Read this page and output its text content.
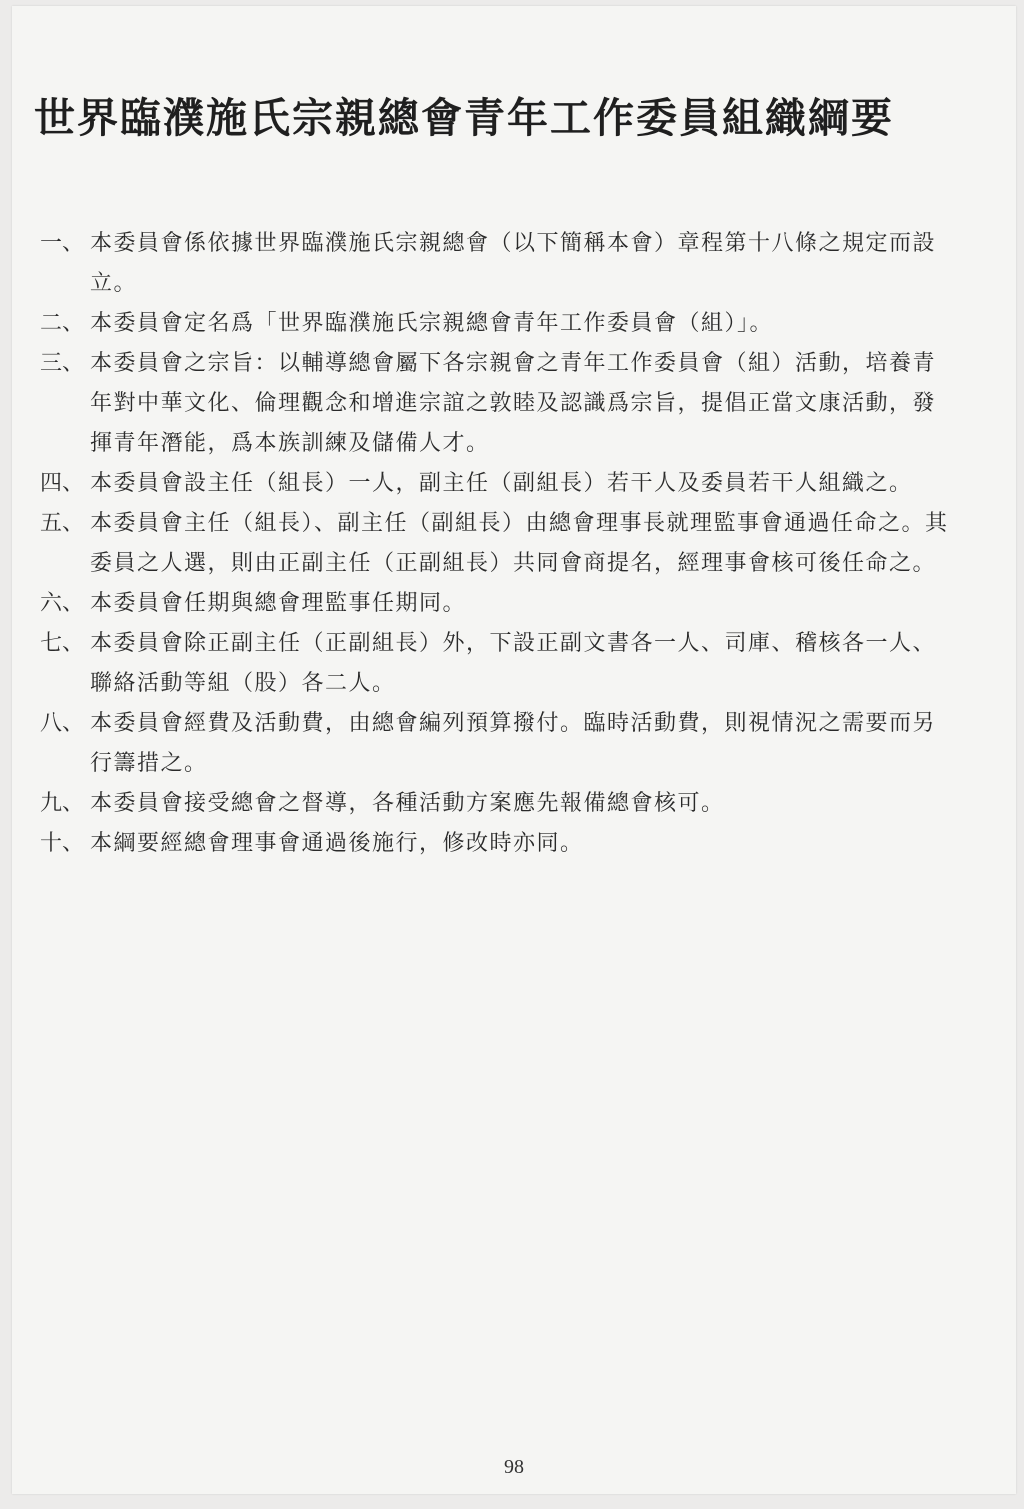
世界臨濮施氏宗親總會青年工作委員組織綱要
一、 本委員會係依據世界臨濮施氏宗親總會（以下簡稱本會）章程第十八條之規定而設立。
二、 本委員會定名爲「世界臨濮施氏宗親總會青年工作委員會（組）」。
三、 本委員會之宗旨：以輔導總會屬下各宗親會之青年工作委員會（組）活動，培養青年對中華文化、倫理觀念和增進宗誼之敦睦及認識爲宗旨，提倡正當文康活動，發揮青年潛能，爲本族訓練及儲備人才。
四、 本委員會設主任（組長）一人，副主任（副組長）若干人及委員若干人組織之。
五、 本委員會主任（組長）、副主任（副組長）由總會理事長就理監事會通過任命之。其委員之人選，則由正副主任（正副組長）共同會商提名，經理事會核可後任命之。
六、 本委員會任期與總會理監事任期同。
七、 本委員會除正副主任（正副組長）外，下設正副文書各一人、司庫、稽核各一人、聯絡活動等組（股）各二人。
八、 本委員會經費及活動費，由總會編列預算撥付。臨時活動費，則視情況之需要而另行籌措之。
九、 本委員會接受總會之督導，各種活動方案應先報備總會核可。
十、 本綱要經總會理事會通過後施行，修改時亦同。
98
